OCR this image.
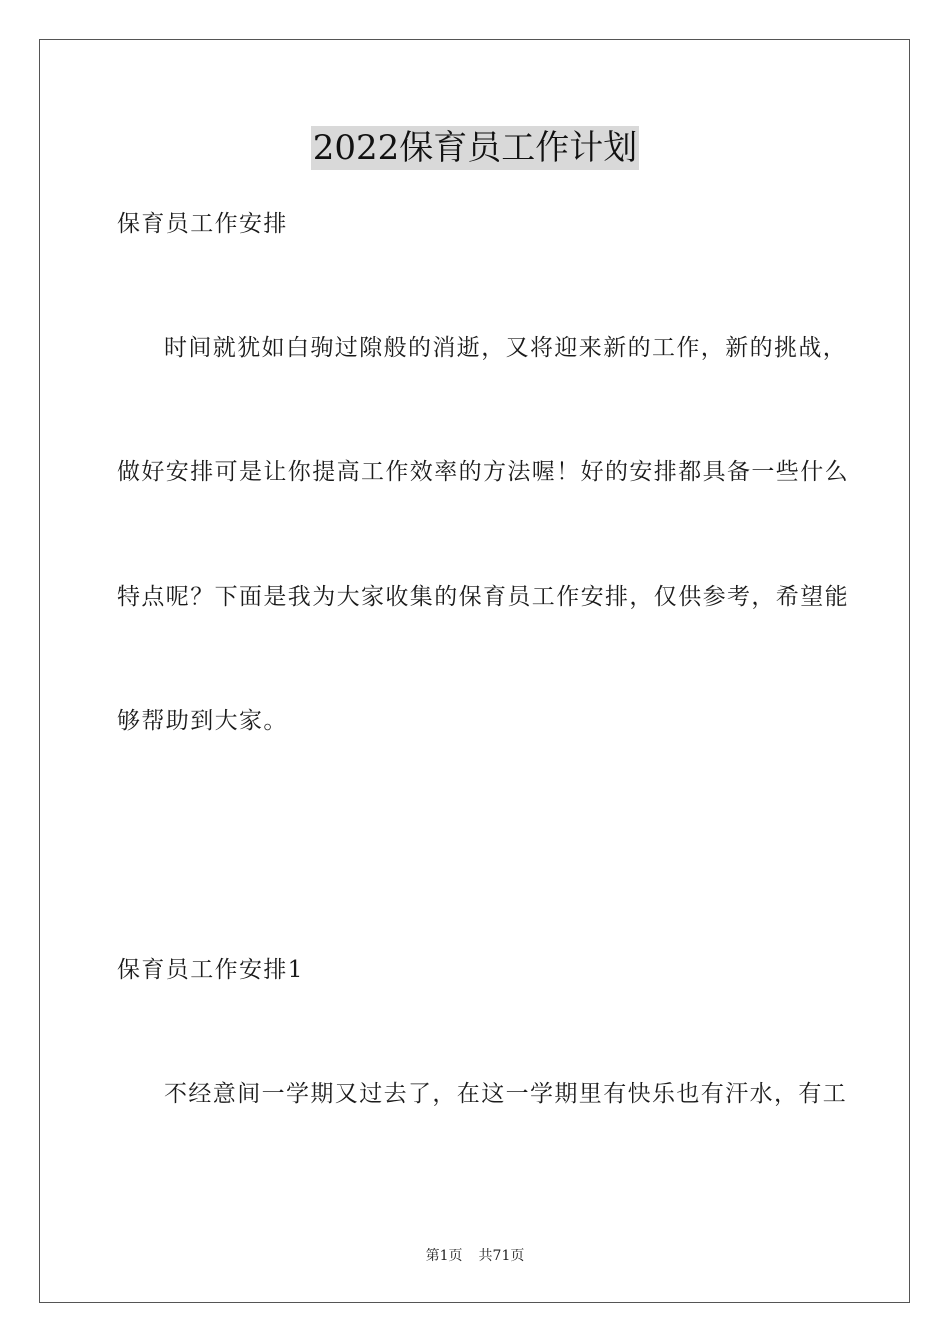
2022保育员工作计划
保育员工作安排
时间就犹如白驹过隙般的消逝，又将迎来新的工作，新的挑战，
做好安排可是让你提高工作效率的方法喔！好的安排都具备一些什么
特点呢？下面是我为大家收集的保育员工作安排，仅供参考，希望能
够帮助到大家。
保育员工作安排1
不经意间一学期又过去了，在这一学期里有快乐也有汗水，有工
第1页 共71页
